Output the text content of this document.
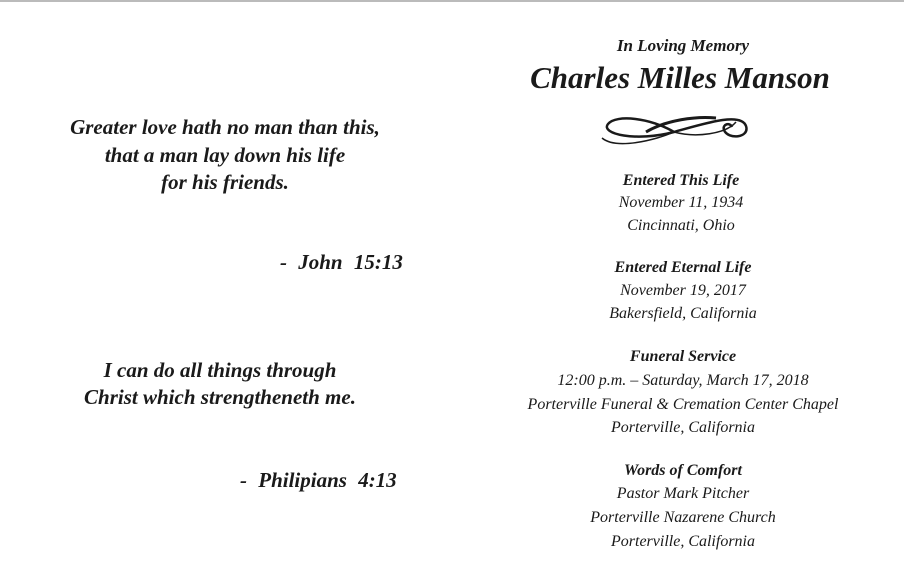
Greater love hath no man than this,
that a man lay down his life
for his friends.
- John 15:13
I can do all things through
Christ which strengtheneth me.
- Philipians 4:13
In Loving Memory
Charles Milles Manson
Entered This Life
November 11, 1934
Cincinnati, Ohio
Entered Eternal Life
November 19, 2017
Bakersfield, California
Funeral Service
12:00 p.m. – Saturday, March 17, 2018
Porterville Funeral & Cremation Center Chapel
Porterville, California
Words of Comfort
Pastor Mark Pitcher
Porterville Nazarene Church
Porterville, California
